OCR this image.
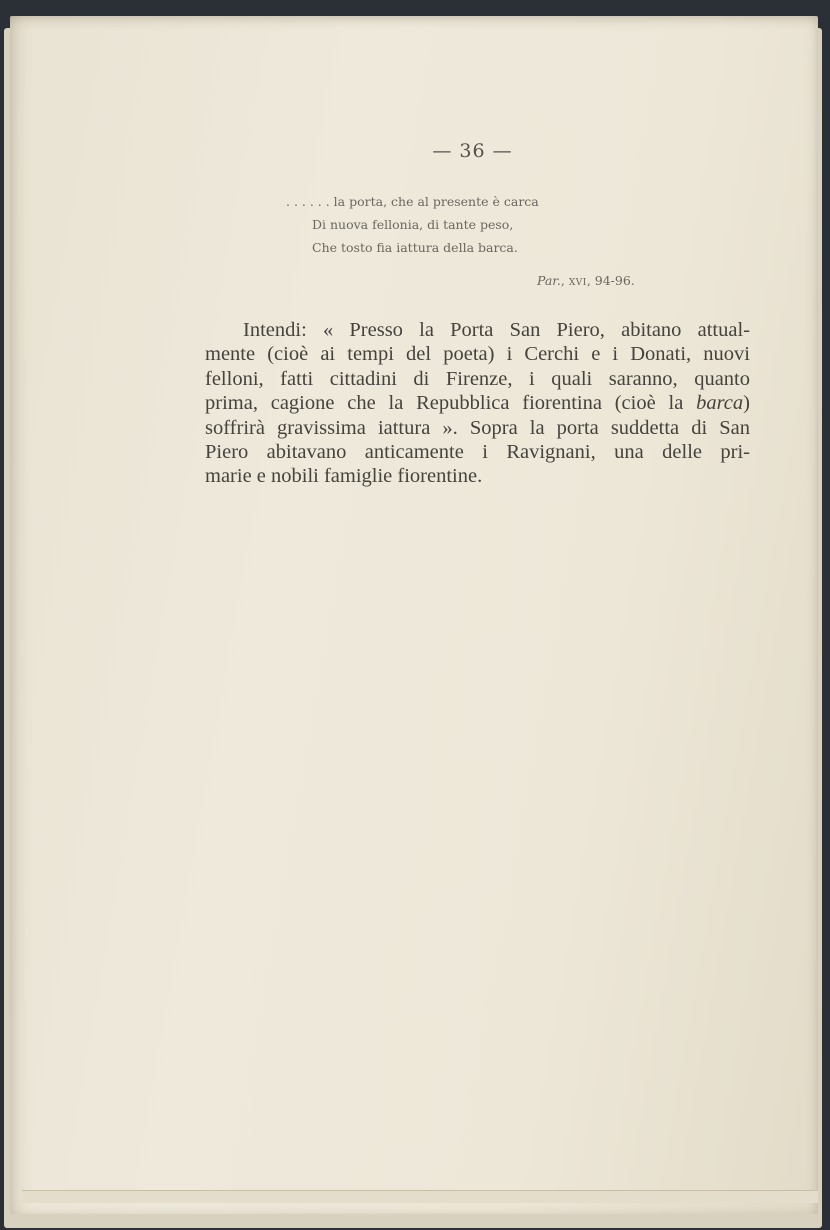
— 36 —
. . . . . . la porta, che al presente è carca
Di nuova fellonia, di tante peso,
Che tosto fia iattura della barca.
Par., xvi, 94-96.
Intendi: « Presso la Porta San Piero, abitano attual-
mente (cioè ai tempi del poeta) i Cerchi e i Donati, nuovi
felloni, fatti cittadini di Firenze, i quali saranno, quanto
prima, cagione che la Repubblica fiorentina (cioè la barca)
soffrirà gravissima iattura ». Sopra la porta suddetta di San
Piero abitavano anticamente i Ravignani, una delle pri-
marie e nobili famiglie fiorentine.
